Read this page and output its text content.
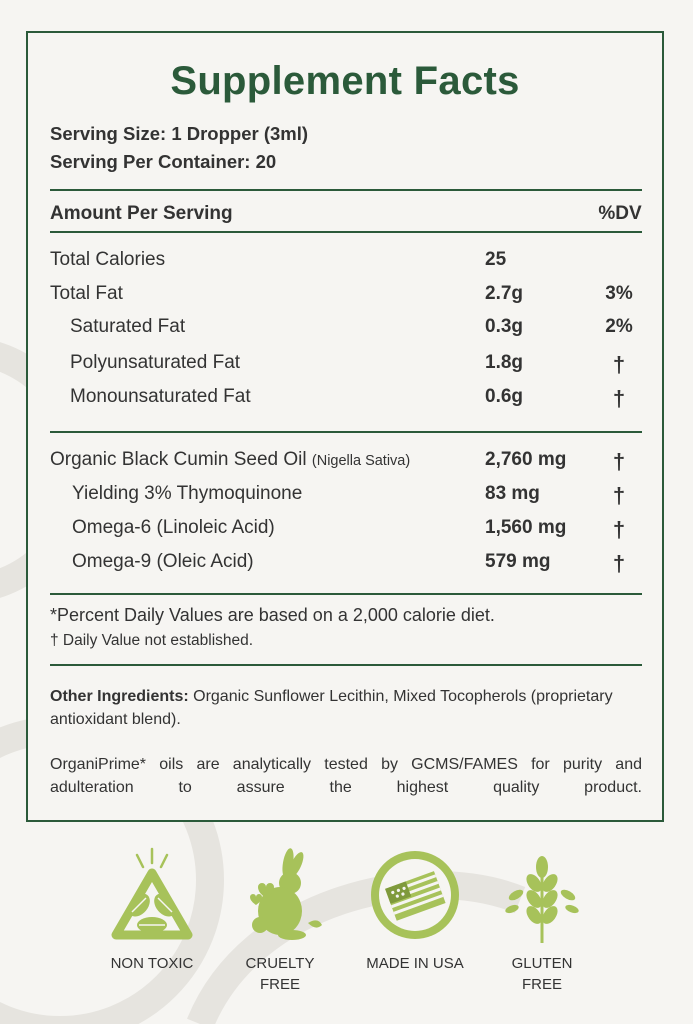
Supplement Facts
Serving Size: 1 Dropper (3ml)
Serving Per Container: 20
Amount Per Serving	%DV
Total Calories	25
Total Fat	2.7g	3%
Saturated Fat	0.3g	2%
Polyunsaturated Fat	1.8g	†
Monounsaturated Fat	0.6g	†
Organic Black Cumin Seed Oil (Nigella Sativa)	2,760 mg	†
Yielding 3% Thymoquinone	83 mg	†
Omega-6 (Linoleic Acid)	1,560 mg	†
Omega-9 (Oleic Acid)	579 mg	†
*Percent Daily Values are based on a 2,000 calorie diet.
† Daily Value not established.
Other Ingredients: Organic Sunflower Lecithin, Mixed Tocopherols (proprietary antioxidant blend).
OrganiPrime* oils are analytically tested by GCMS/FAMES for purity and adulteration to assure the highest quality product.
NON TOXIC	CRUELTY
FREE
MADE IN USA	GLUTEN
FREE
